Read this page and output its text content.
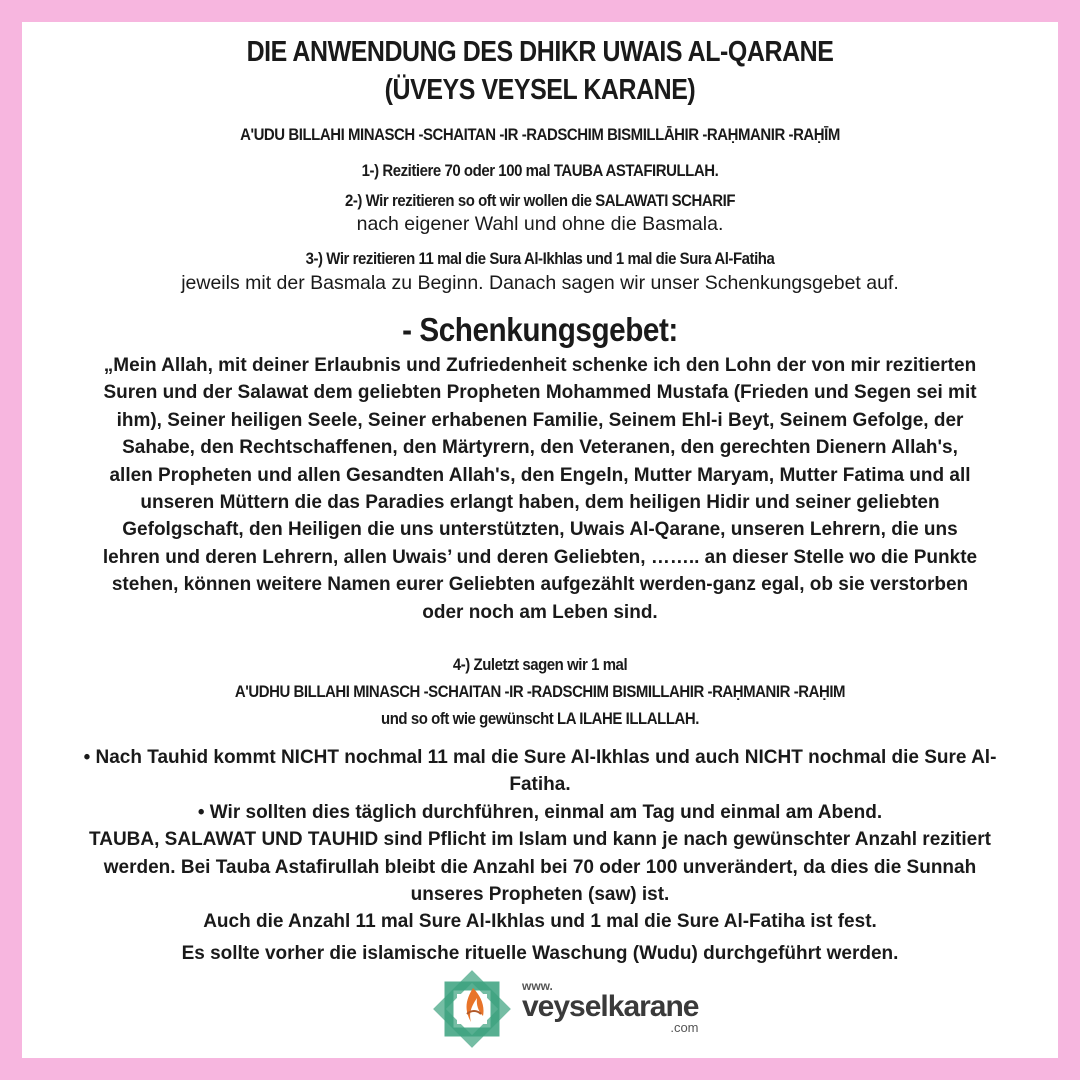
DIE ANWENDUNG DES DHIKR UWAIS AL-QARANE
(ÜVEYS VEYSEL KARANE)
A'UDU BILLAHI MINASCH -SCHAITAN -IR -RADSCHIM BISMILLĀHIR -RAḤMANIR -RAḤĪM
1-) Rezitiere 70 oder 100 mal TAUBA ASTAFIRULLAH.
2-) Wir rezitieren so oft wir wollen die SALAWATI SCHARIF
nach eigener Wahl und ohne die Basmala.
3-) Wir rezitieren 11 mal die Sura Al-Ikhlas und 1 mal die Sura Al-Fatiha
jeweils mit der Basmala zu Beginn. Danach sagen wir unser Schenkungsgebet auf.
- Schenkungsgebet:

„Mein Allah, mit deiner Erlaubnis und Zufriedenheit schenke ich den Lohn der von mir rezitierten Suren und der Salawat dem geliebten Propheten Mohammed Mustafa (Frieden und Segen sei mit ihm), Seiner heiligen Seele, Seiner erhabenen Familie, Seinem Ehl-i Beyt, Seinem Gefolge, der Sahabe, den Rechtschaffenen, den Märtyrern, den Veteranen, den gerechten Dienern Allah's, allen Propheten und allen Gesandten Allah's, den Engeln, Mutter Maryam, Mutter Fatima und all unseren Müttern die das Paradies erlangt haben, dem heiligen Hidir und seiner geliebten Gefolgschaft, den Heiligen die uns unterstützten, Uwais Al-Qarane, unseren Lehrern, die uns lehren und deren Lehrern, allen Uwais’ und deren Geliebten, …….. an dieser Stelle wo die Punkte stehen, können weitere Namen eurer Geliebten aufgezählt werden-ganz egal, ob sie verstorben oder noch am Leben sind.

4-) Zuletzt sagen wir 1 mal
A'UDHU BILLAHI MINASCH -SCHAITAN -IR -RADSCHIM BISMILLAHIR -RAḤMANIR -RAḤIM
und so oft wie gewünscht LA ILAHE ILLALLAH.

• Nach Tauhid kommt NICHT nochmal 11 mal die Sure Al-Ikhlas und auch NICHT nochmal die Sure Al-Fatiha.

• Wir sollten dies täglich durchführen, einmal am Tag und einmal am Abend.

TAUBA, SALAWAT UND TAUHID sind Pflicht im Islam und kann je nach gewünschter Anzahl rezitiert werden. Bei Tauba Astafirullah bleibt die Anzahl bei 70 oder 100 unverändert, da dies die Sunnah unseres Propheten (saw) ist.

Auch die Anzahl 11 mal Sure Al-Ikhlas und 1 mal die Sure Al-Fatiha ist fest.

Es sollte vorher die islamische rituelle Waschung (Wudu) durchgeführt werden.

www.
veyselkarane
.com
